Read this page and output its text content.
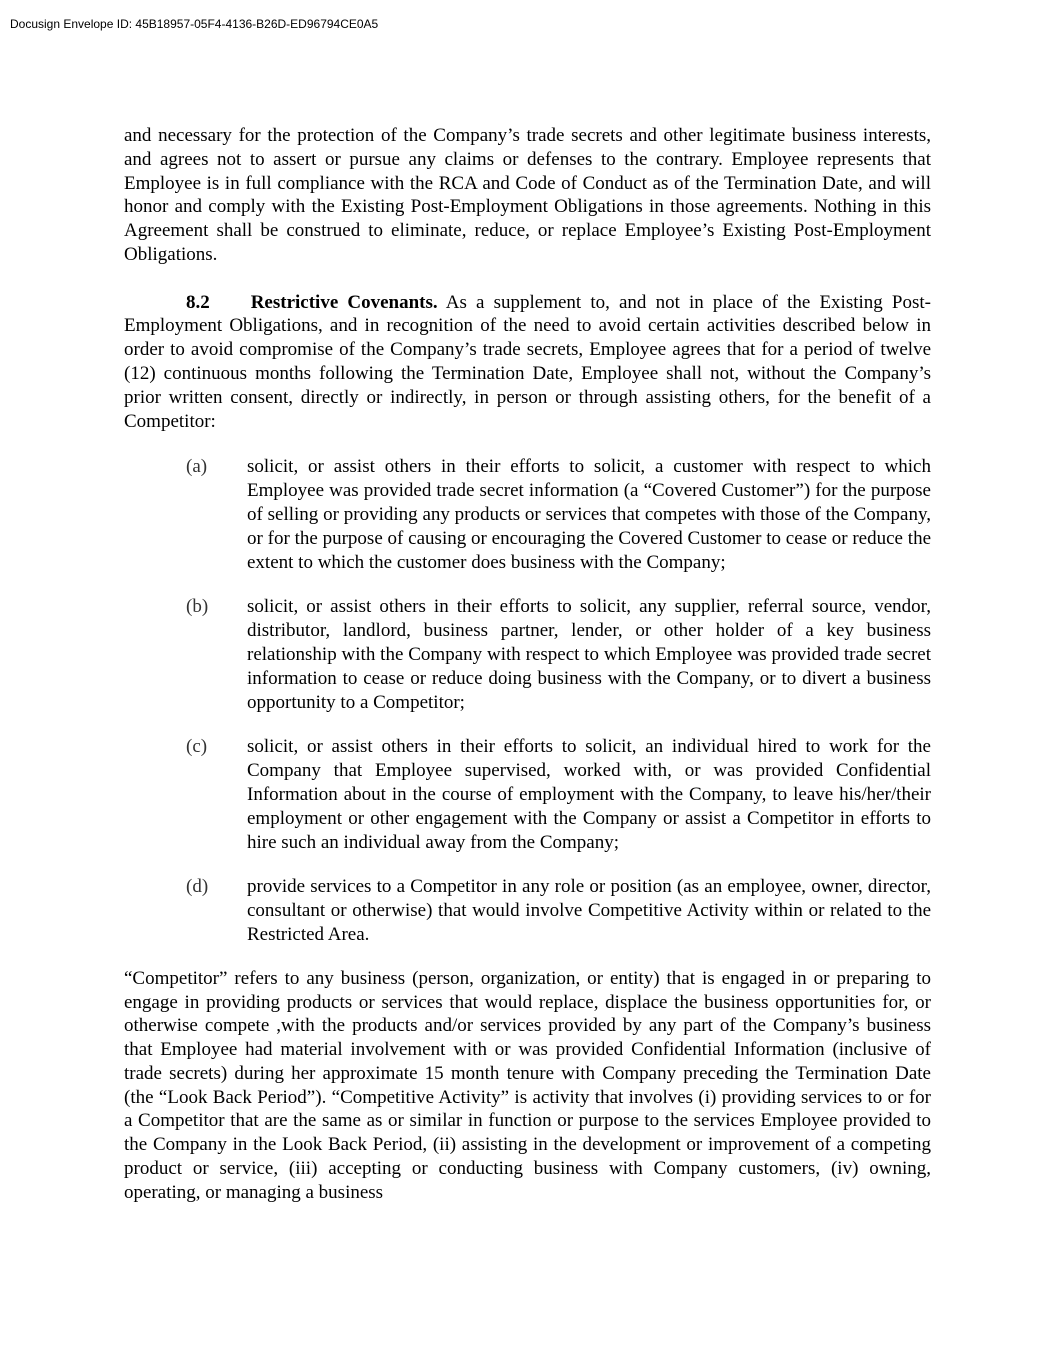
Docusign Envelope ID: 45B18957-05F4-4136-B26D-ED96794CE0A5

and necessary for the protection of the Company’s trade secrets and other legitimate business interests, and agrees not to assert or pursue any claims or defenses to the contrary. Employee represents that Employee is in full compliance with the RCA and Code of Conduct as of the Termination Date, and will honor and comply with the Existing Post-Employment Obligations in those agreements. Nothing in this Agreement shall be construed to eliminate, reduce, or replace Employee’s Existing Post-Employment Obligations.

8.2 Restrictive Covenants. As a supplement to, and not in place of the Existing Post-Employment Obligations, and in recognition of the need to avoid certain activities described below in order to avoid compromise of the Company’s trade secrets, Employee agrees that for a period of twelve (12) continuous months following the Termination Date, Employee shall not, without the Company’s prior written consent, directly or indirectly, in person or through assisting others, for the benefit of a Competitor:

(a)	solicit, or assist others in their efforts to solicit, a customer with respect to which Employee was provided trade secret information (a “Covered Customer”) for the purpose of selling or providing any products or services that competes with those of the Company, or for the purpose of causing or encouraging the Covered Customer to cease or reduce the extent to which the customer does business with the Company;
(b)	solicit, or assist others in their efforts to solicit, any supplier, referral source, vendor, distributor, landlord, business partner, lender, or other holder of a key business relationship with the Company with respect to which Employee was provided trade secret information to cease or reduce doing business with the Company, or to divert a business opportunity to a Competitor;
(c)	solicit, or assist others in their efforts to solicit, an individual hired to work for the Company that Employee supervised, worked with, or was provided Confidential Information about in the course of employment with the Company, to leave his/her/their employment or other engagement with the Company or assist a Competitor in efforts to hire such an individual away from the Company;
(d)	provide services to a Competitor in any role or position (as an employee, owner, director, consultant or otherwise) that would involve Competitive Activity within or related to the Restricted Area.

“Competitor” refers to any business (person, organization, or entity) that is engaged in or preparing to engage in providing products or services that would replace, displace the business opportunities for, or otherwise compete ,with the products and/or services provided by any part of the Company’s business that Employee had material involvement with or was provided Confidential Information (inclusive of trade secrets) during her approximate 15 month tenure with Company preceding the Termination Date (the “Look Back Period”). “Competitive Activity” is activity that involves (i) providing services to or for a Competitor that are the same as or similar in function or purpose to the services Employee provided to the Company in the Look Back Period, (ii) assisting in the development or improvement of a competing product or service, (iii) accepting or conducting business with Company customers, (iv) owning, operating, or managing a business
